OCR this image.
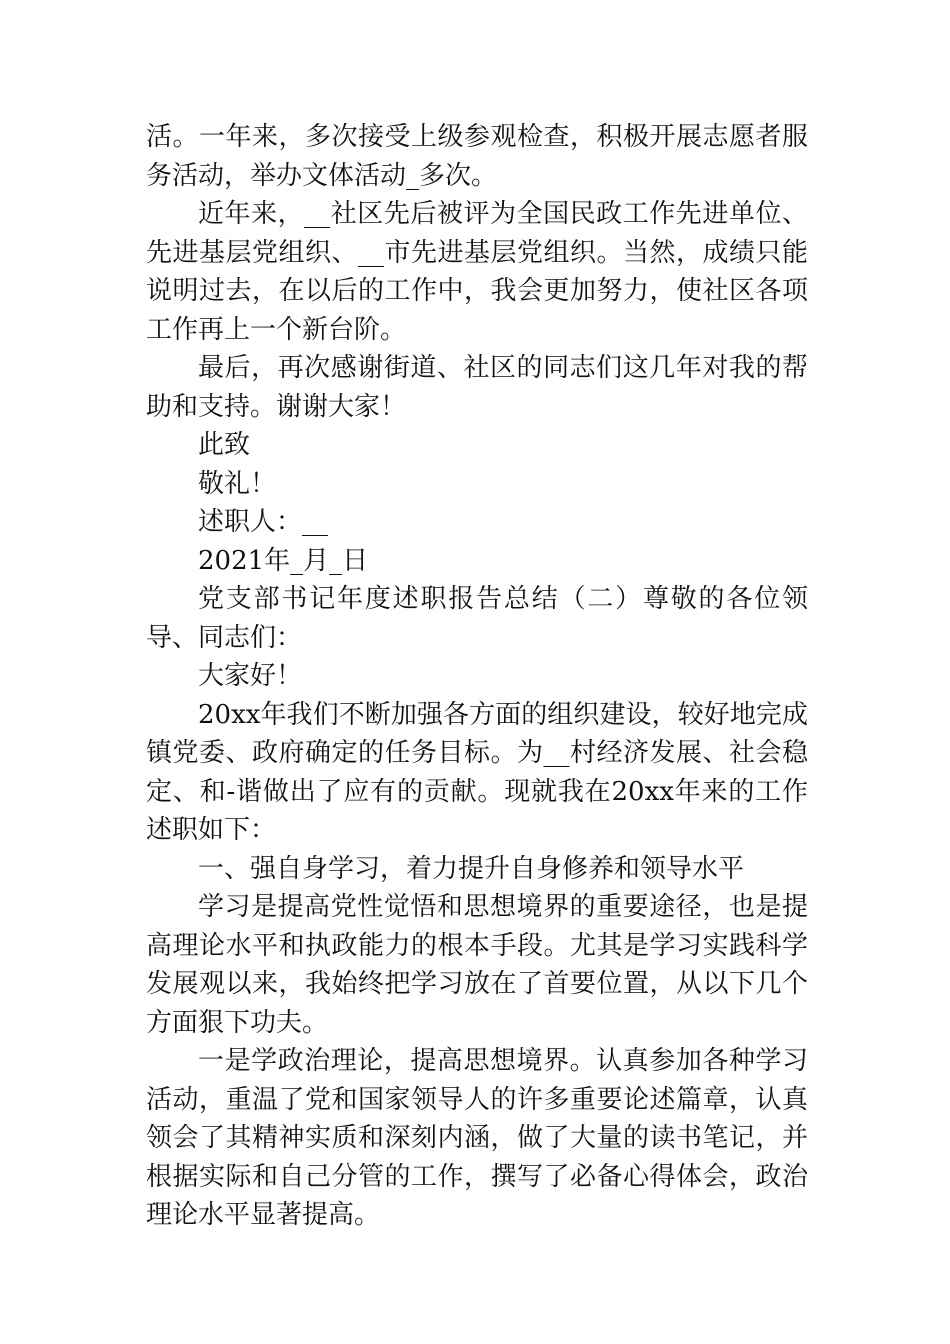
活。一年来，多次接受上级参观检查，积极开展志愿者服务活动，举办文体活动_多次。

近年来，__社区先后被评为全国民政工作先进单位、先进基层党组织、__市先进基层党组织。当然，成绩只能说明过去，在以后的工作中，我会更加努力，使社区各项工作再上一个新台阶。

最后，再次感谢街道、社区的同志们这几年对我的帮助和支持。谢谢大家！

此致

敬礼！

述职人：__

2021年_月_日

党支部书记年度述职报告总结（二）尊敬的各位领导、同志们：

大家好！

20xx年我们不断加强各方面的组织建设，较好地完成镇党委、政府确定的任务目标。为__村经济发展、社会稳定、和-谐做出了应有的贡献。现就我在20xx年来的工作述职如下：

一、强自身学习，着力提升自身修养和领导水平

学习是提高党性觉悟和思想境界的重要途径，也是提高理论水平和执政能力的根本手段。尤其是学习实践科学发展观以来，我始终把学习放在了首要位置，从以下几个方面狠下功夫。

一是学政治理论，提高思想境界。认真参加各种学习活动，重温了党和国家领导人的许多重要论述篇章，认真领会了其精神实质和深刻内涵，做了大量的读书笔记，并根据实际和自己分管的工作，撰写了必备心得体会，政治理论水平显著提高。
